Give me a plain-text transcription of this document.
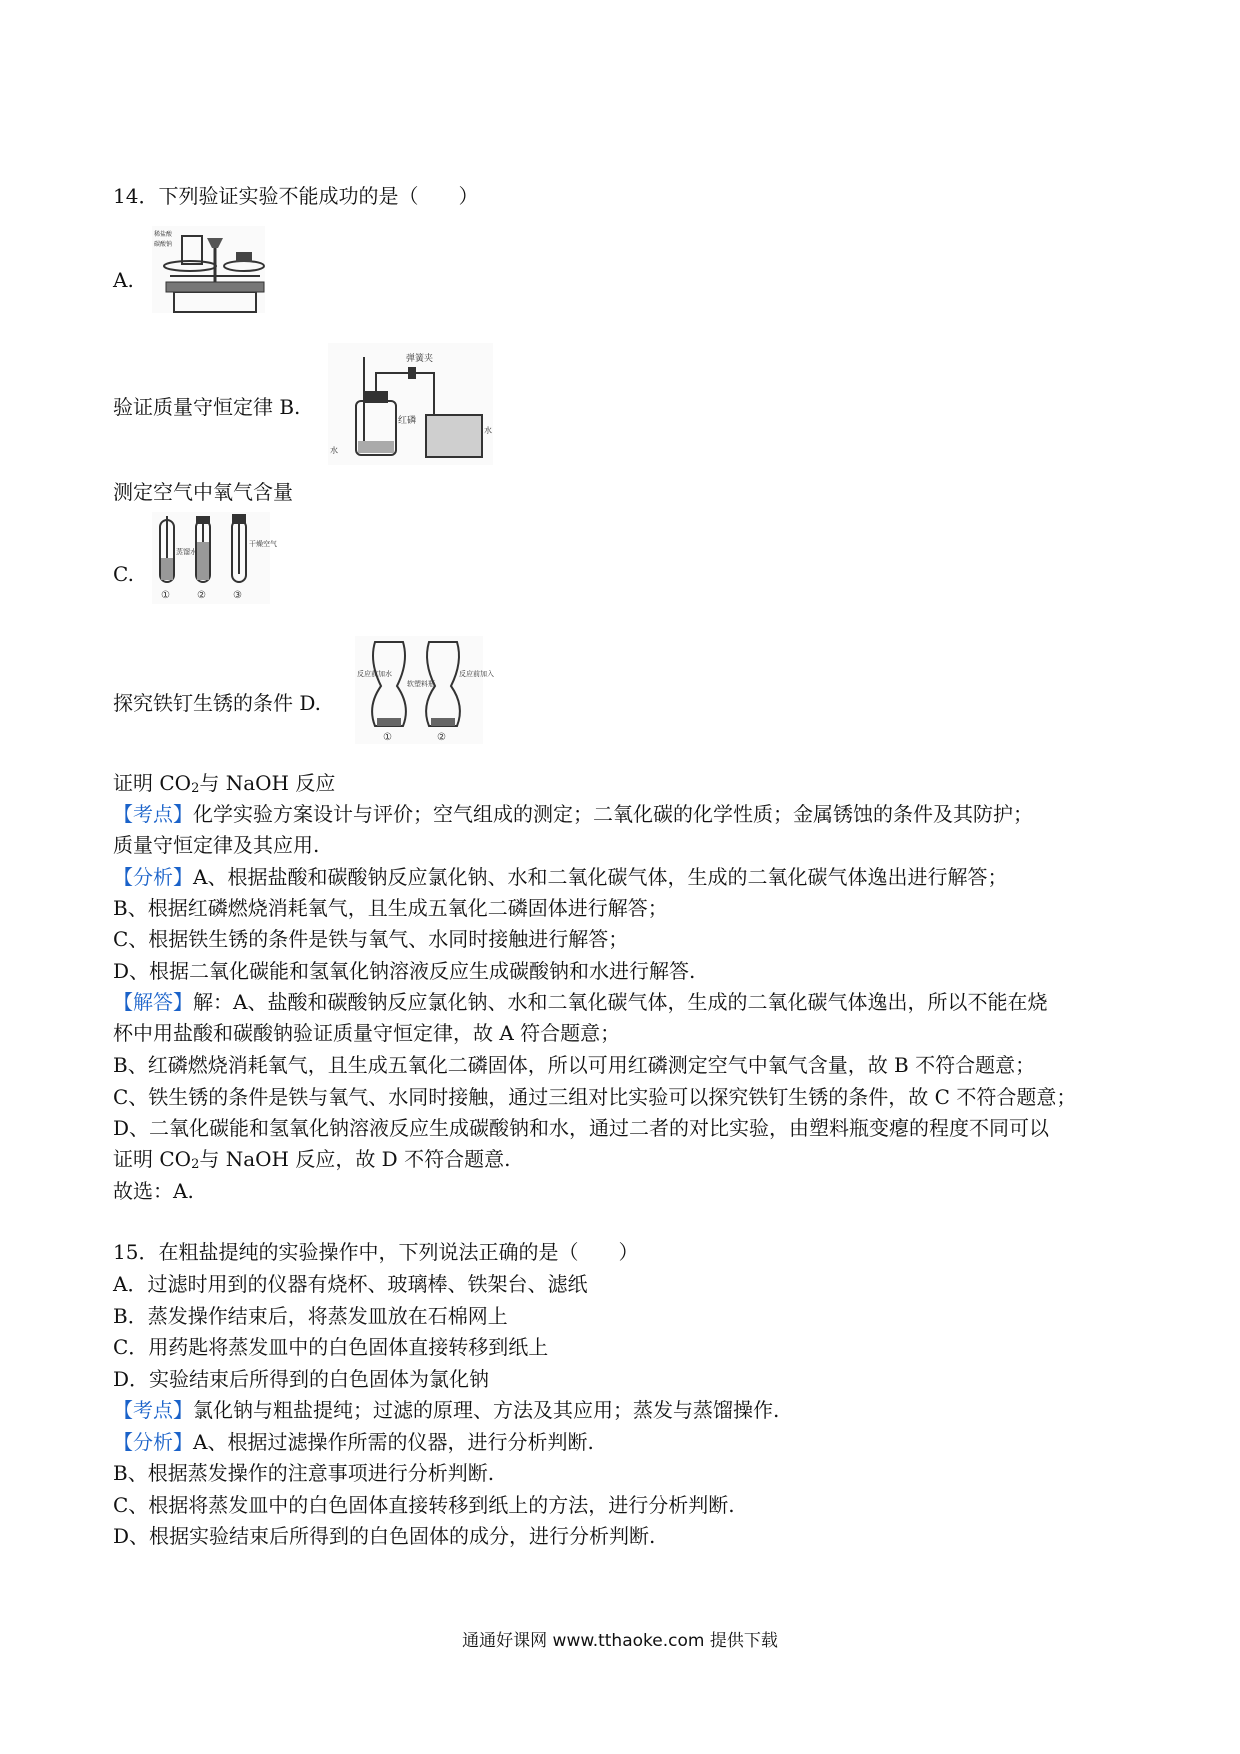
14．下列验证实验不能成功的是（　　）
A.
稀盐酸
碳酸钠
验证质量守恒定律 B.
弹簧夹
红磷
水
水
测定空气中氧气含量
C.
蒸馏水
干燥空气
①	②	③
探究铁钉生锈的条件 D.
反应前加水
软塑料瓶
反应前加入
①	②
证明 $CO_2$与 NaOH 反应
【考点】化学实验方案设计与评价；空气组成的测定；二氧化碳的化学性质；金属锈蚀的条件及其防护；
质量守恒定律及其应用.
【分析】A、根据盐酸和碳酸钠反应氯化钠、水和二氧化碳气体，生成的二氧化碳气体逸出进行解答；
B、根据红磷燃烧消耗氧气，且生成五氧化二磷固体进行解答；
C、根据铁生锈的条件是铁与氧气、水同时接触进行解答；
D、根据二氧化碳能和氢氧化钠溶液反应生成碳酸钠和水进行解答.
【解答】解：A、盐酸和碳酸钠反应氯化钠、水和二氧化碳气体，生成的二氧化碳气体逸出，所以不能在烧
杯中用盐酸和碳酸钠验证质量守恒定律，故 A 符合题意；
B、红磷燃烧消耗氧气，且生成五氧化二磷固体，所以可用红磷测定空气中氧气含量，故 B 不符合题意；
C、铁生锈的条件是铁与氧气、水同时接触，通过三组对比实验可以探究铁钉生锈的条件，故 C 不符合题意；
D、二氧化碳能和氢氧化钠溶液反应生成碳酸钠和水，通过二者的对比实验，由塑料瓶变瘪的程度不同可以
证明 $CO_2$与 NaOH 反应，故 D 不符合题意.
故选：A.
15．在粗盐提纯的实验操作中，下列说法正确的是（　　）
A．过滤时用到的仪器有烧杯、玻璃棒、铁架台、滤纸
B．蒸发操作结束后，将蒸发皿放在石棉网上
C．用药匙将蒸发皿中的白色固体直接转移到纸上
D．实验结束后所得到的白色固体为氯化钠
【考点】氯化钠与粗盐提纯；过滤的原理、方法及其应用；蒸发与蒸馏操作.
【分析】A、根据过滤操作所需的仪器，进行分析判断.
B、根据蒸发操作的注意事项进行分析判断.
C、根据将蒸发皿中的白色固体直接转移到纸上的方法，进行分析判断.
D、根据实验结束后所得到的白色固体的成分，进行分析判断.
通通好课网 www.tthaoke.com 提供下载
